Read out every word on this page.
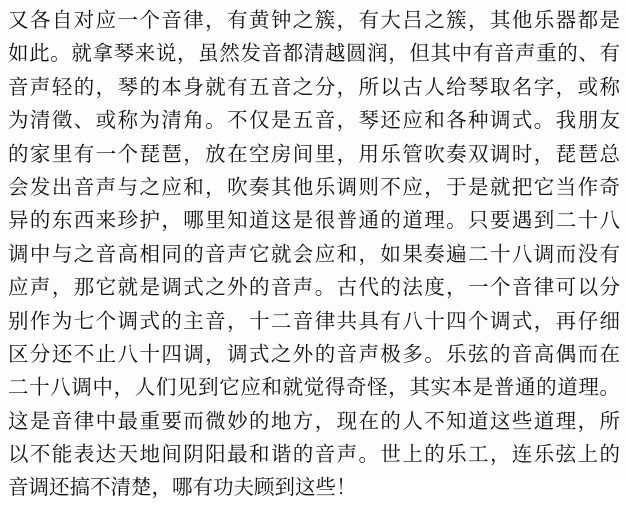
又各自对应一个音律，有黄钟之簇，有大吕之簇，其他乐器都是
如此。就拿琴来说，虽然发音都清越圆润，但其中有音声重的、有
音声轻的，琴的本身就有五音之分，所以古人给琴取名字，或称
为清徵、或称为清角。不仅是五音，琴还应和各种调式。我朋友
的家里有一个琵琶，放在空房间里，用乐管吹奏双调时，琵琶总
会发出音声与之应和，吹奏其他乐调则不应，于是就把它当作奇
异的东西来珍护，哪里知道这是很普通的道理。只要遇到二十八
调中与之音高相同的音声它就会应和，如果奏遍二十八调而没有
应声，那它就是调式之外的音声。古代的法度，一个音律可以分
别作为七个调式的主音，十二音律共具有八十四个调式，再仔细
区分还不止八十四调，调式之外的音声极多。乐弦的音高偶而在
二十八调中，人们见到它应和就觉得奇怪，其实本是普通的道理。
这是音律中最重要而微妙的地方，现在的人不知道这些道理，所
以不能表达天地间阴阳最和谐的音声。世上的乐工，连乐弦上的
音调还搞不清楚，哪有功夫顾到这些！
